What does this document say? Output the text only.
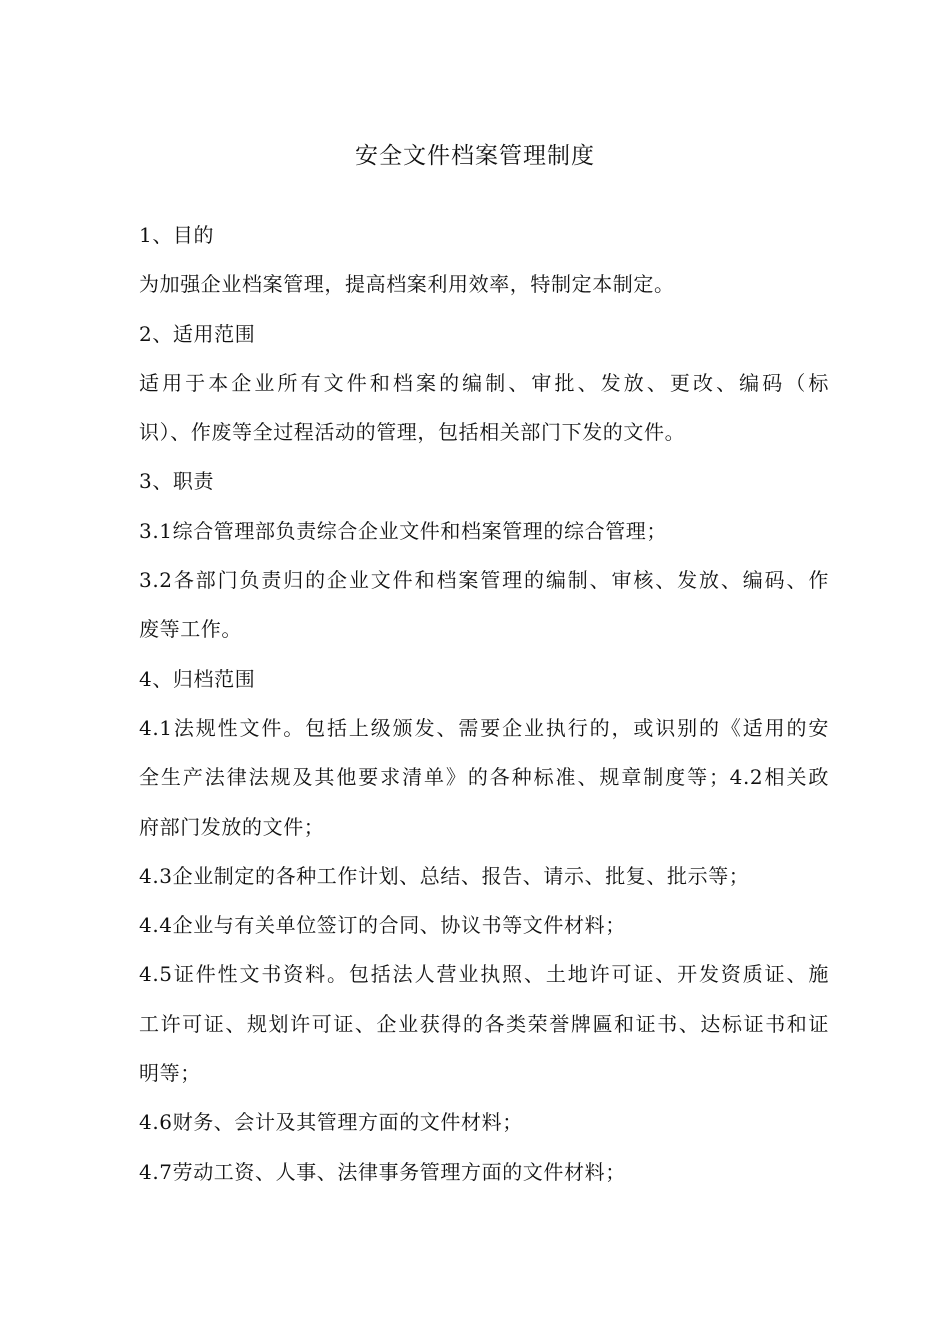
安全文件档案管理制度
1、目的
为加强企业档案管理，提高档案利用效率，特制定本制定。
2、适用范围
适用于本企业所有文件和档案的编制、审批、发放、更改、编码（标
识）、作废等全过程活动的管理，包括相关部门下发的文件。
3、职责
3.1综合管理部负责综合企业文件和档案管理的综合管理；
3.2各部门负责归的企业文件和档案管理的编制、审核、发放、编码、作
废等工作。
4、归档范围
4.1法规性文件。包括上级颁发、需要企业执行的，或识别的《适用的安
全生产法律法规及其他要求清单》的各种标准、规章制度等；4.2相关政
府部门发放的文件；
4.3企业制定的各种工作计划、总结、报告、请示、批复、批示等；
4.4企业与有关单位签订的合同、协议书等文件材料；
4.5证件性文书资料。包括法人营业执照、土地许可证、开发资质证、施
工许可证、规划许可证、企业获得的各类荣誉牌匾和证书、达标证书和证
明等；
4.6财务、会计及其管理方面的文件材料；
4.7劳动工资、人事、法律事务管理方面的文件材料；
